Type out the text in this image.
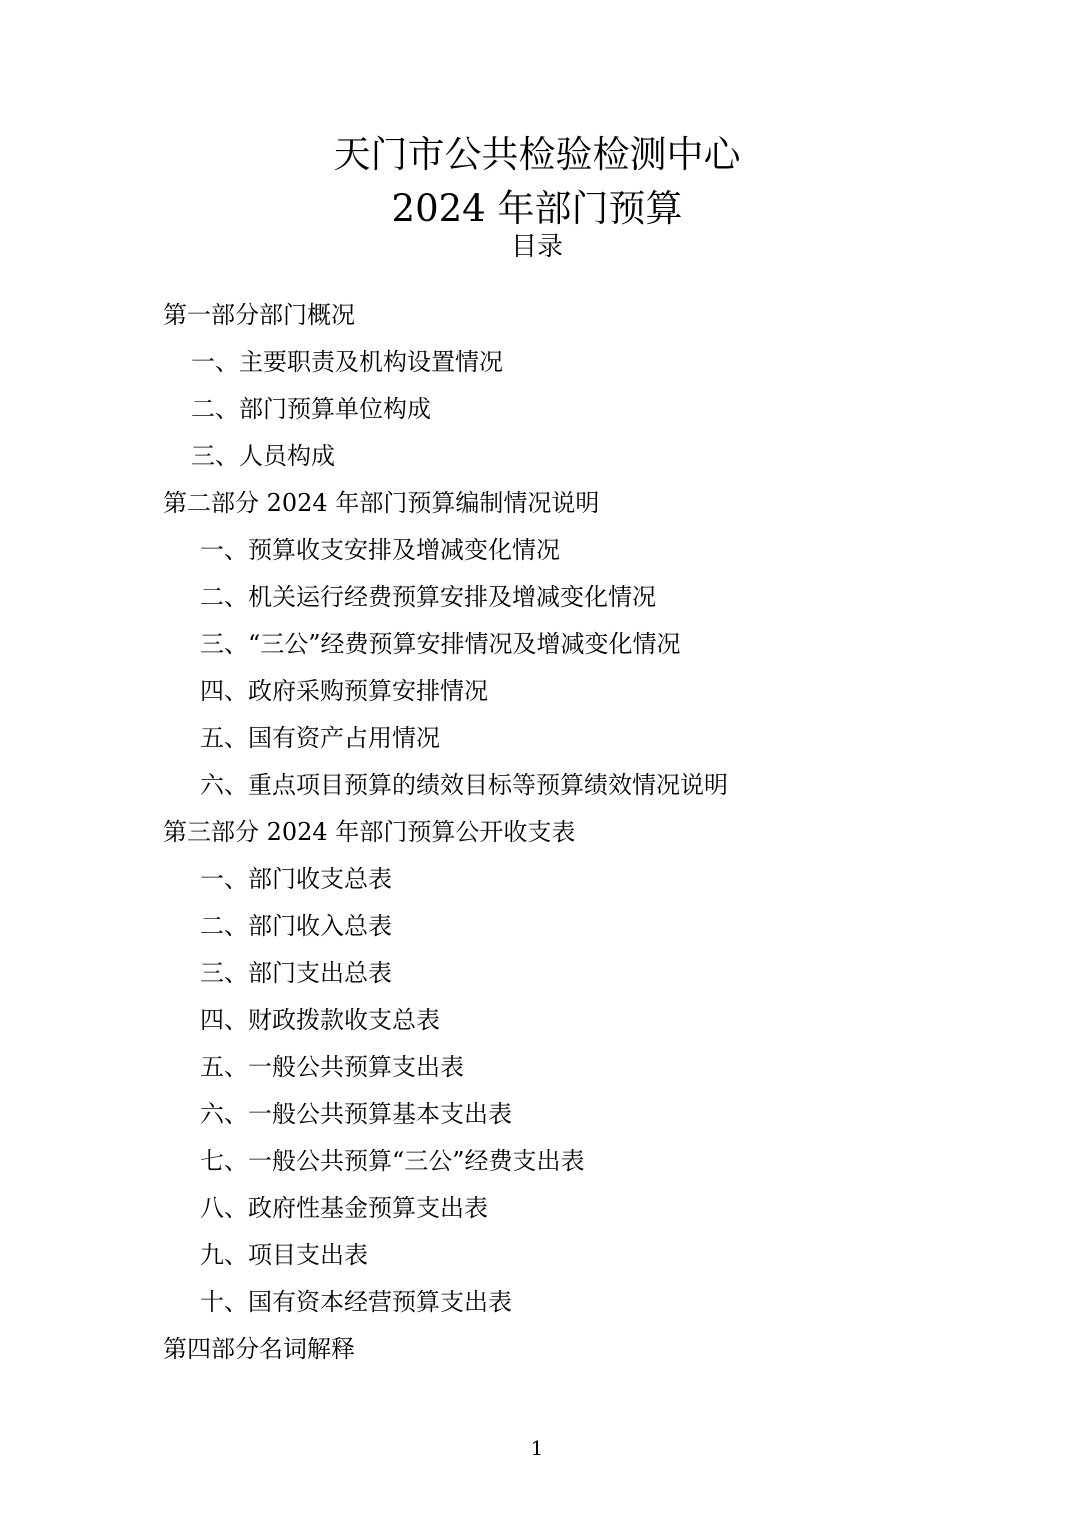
天门市公共检验检测中心
2024 年部门预算
目录
第一部分部门概况
一、主要职责及机构设置情况
二、部门预算单位构成
三、人员构成
第二部分 2024 年部门预算编制情况说明
一、预算收支安排及增减变化情况
二、机关运行经费预算安排及增减变化情况
三、“三公”经费预算安排情况及增减变化情况
四、政府采购预算安排情况
五、国有资产占用情况
六、重点项目预算的绩效目标等预算绩效情况说明
第三部分 2024 年部门预算公开收支表
一、部门收支总表
二、部门收入总表
三、部门支出总表
四、财政拨款收支总表
五、一般公共预算支出表
六、一般公共预算基本支出表
七、一般公共预算“三公”经费支出表
八、政府性基金预算支出表
九、项目支出表
十、国有资本经营预算支出表
第四部分名词解释
1
